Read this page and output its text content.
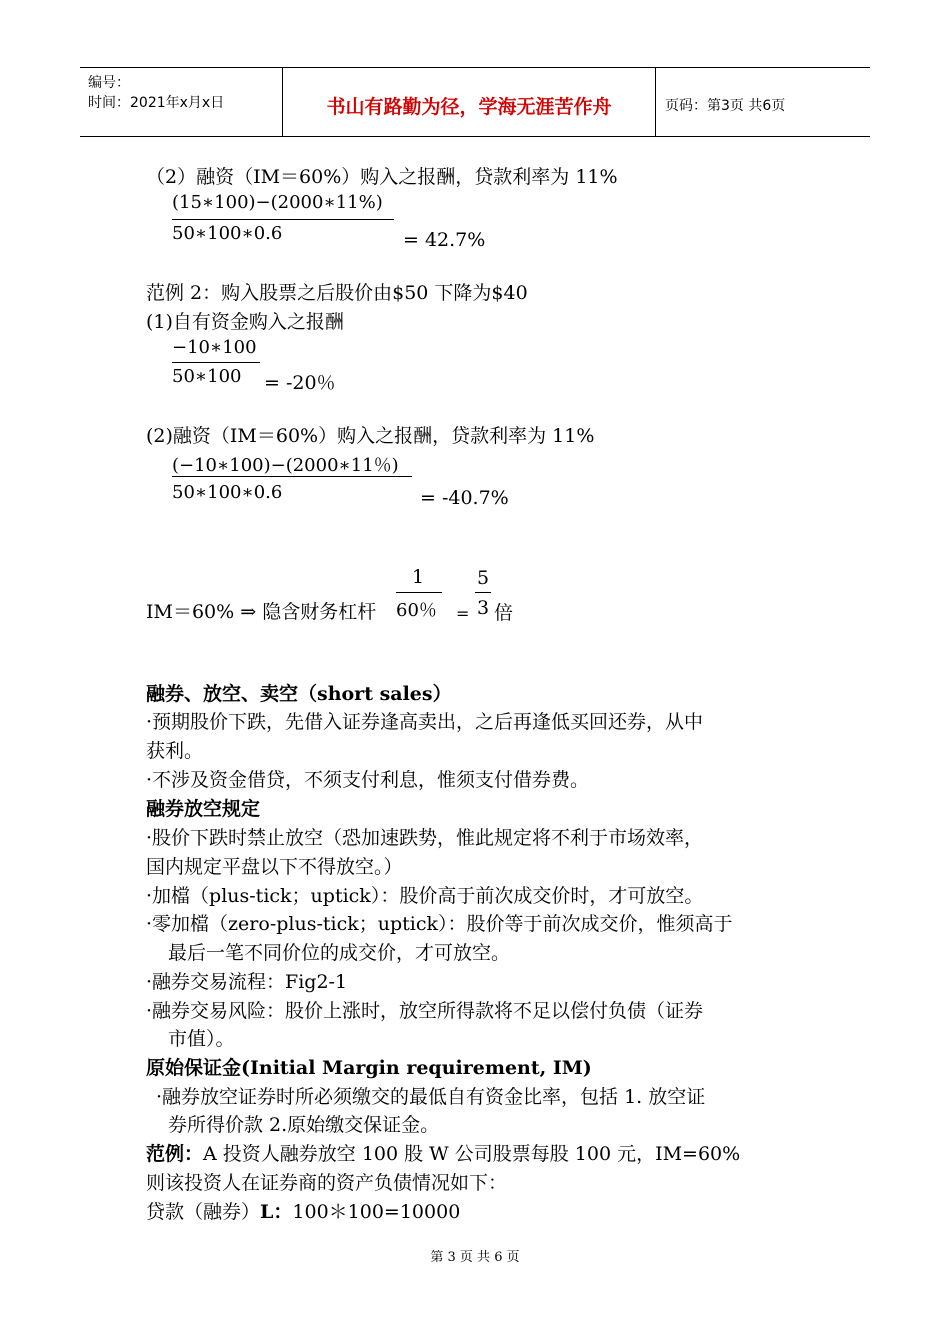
编号：
时间：2021年x月x日	书山有路勤为径，学海无涯苦作舟	页码：第3页 共6页
（2）融资（IM＝60%）购入之报酬，贷款利率为 11%
(15∗100)−(2000∗11%)
50∗100∗0.6	= 42.7%
范例 2：购入股票之后股价由$50 下降为$40
(1)自有资金购入之报酬
−10∗100
50∗100 = -20％
(2)融资（IM＝60%）购入之报酬，贷款利率为 11%
(−10∗100)−(2000∗11％)
50∗100∗0.6	= -40.7%
IM＝60% ⇒ 隐含财务杠杆
1
60％ =
5
3 倍
融券、放空、卖空（short sales）
·预期股价下跌，先借入证券逢高卖出，之后再逢低买回还券，从中
获利。
·不涉及资金借贷，不须支付利息，惟须支付借券费。
融券放空规定
·股价下跌时禁止放空（恐加速跌势，惟此规定将不利于市场效率，
国内规定平盘以下不得放空。）
·加檔（plus-tick；uptick）：股价高于前次成交价时，才可放空。
·零加檔（zero-plus-tick；uptick）：股价等于前次成交价，惟须高于
最后一笔不同价位的成交价，才可放空。
·融券交易流程：Fig2-1
·融券交易风险：股价上涨时，放空所得款将不足以偿付负债（证券
市值）。
原始保证金(Initial Margin requirement, IM)
·融券放空证券时所必须缴交的最低自有资金比率，包括 1. 放空证
券所得价款 2.原始缴交保证金。
范例：A 投资人融券放空 100 股 W 公司股票每股 100 元，IM=60%
则该投资人在证券商的资产负债情况如下：
贷款（融券）L：100＊100=10000
第 3 页 共 6 页
